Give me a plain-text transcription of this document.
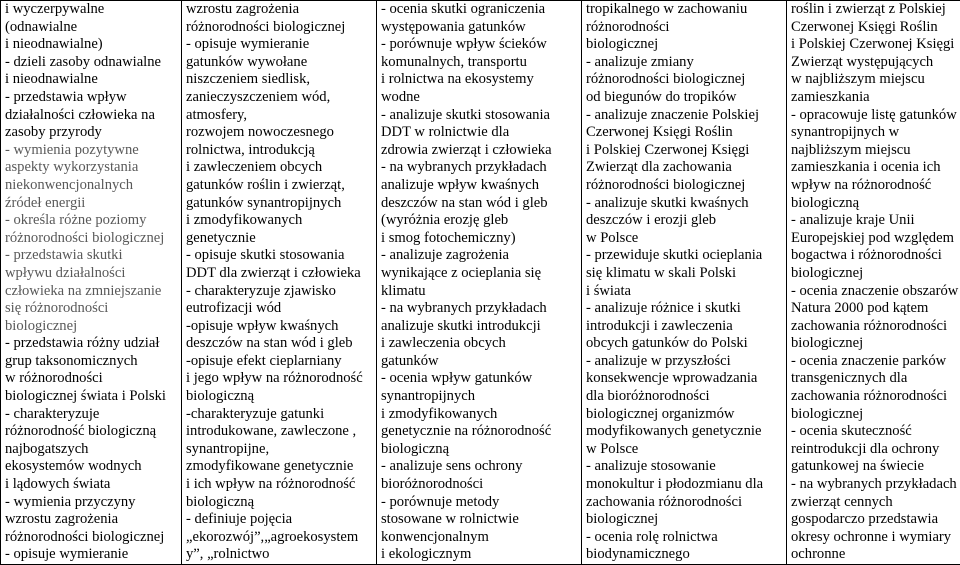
i wyczerpywalne
(odnawialne
i nieodnawialne)
- dzieli zasoby odnawialne
i nieodnawialne
- przedstawia wpływ
działalności człowieka na
zasoby przyrody
- wymienia pozytywne
aspekty wykorzystania
niekonwencjonalnych
źródeł energii
- określa różne poziomy
różnorodności biologicznej
- przedstawia skutki
wpływu działalności
człowieka na zmniejszanie
się różnorodności
biologicznej
- przedstawia różny udział
grup taksonomicznych
w różnorodności
biologicznej świata i Polski
- charakteryzuje
różnorodność biologiczną
najbogatszych
ekosystemów wodnych
i lądowych świata
- wymienia przyczyny
wzrostu zagrożenia
różnorodności biologicznej
- opisuje wymieranie

wzrostu zagrożenia
różnorodności biologicznej
- opisuje wymieranie
gatunków wywołane
niszczeniem siedlisk,
zanieczyszczeniem wód,
atmosfery,
rozwojem nowoczesnego
rolnictwa, introdukcją
i zawleczeniem obcych
gatunków roślin i zwierząt,
gatunków synantropijnych
i zmodyfikowanych
genetycznie
- opisuje skutki stosowania
DDT dla zwierząt i człowieka
- charakteryzuje zjawisko
eutrofizacji wód
-opisuje wpływ kwaśnych
deszczów na stan wód i gleb
-opisuje efekt cieplarniany
i jego wpływ na różnorodność
biologiczną
-charakteryzuje gatunki
introdukowane, zawleczone ,
synantropijne,
zmodyfikowane genetycznie
i ich wpływ na różnorodność
biologiczną
- definiuje pojęcia
„ekorozwój”,„agroekosystem
y”, „rolnictwo

- ocenia skutki ograniczenia
występowania gatunków
- porównuje wpływ ścieków
komunalnych, transportu
i rolnictwa na ekosystemy
wodne
- analizuje skutki stosowania
DDT w rolnictwie dla
zdrowia zwierząt i człowieka
- na wybranych przykładach
analizuje wpływ kwaśnych
deszczów na stan wód i gleb
(wyróżnia erozję gleb
i smog fotochemiczny)
- analizuje zagrożenia
wynikające z ocieplania się
klimatu
- na wybranych przykładach
analizuje skutki introdukcji
i zawleczenia obcych
gatunków
- ocenia wpływ gatunków
synantropijnych
i zmodyfikowanych
genetycznie na różnorodność
biologiczną
- analizuje sens ochrony
bioróżnorodności
- porównuje metody
stosowane w rolnictwie
konwencjonalnym
i ekologicznym

tropikalnego w zachowaniu
różnorodności
biologicznej
- analizuje zmiany
różnorodności biologicznej
od biegunów do tropików
- analizuje znaczenie Polskiej
Czerwonej Księgi Roślin
i Polskiej Czerwonej Księgi
Zwierząt dla zachowania
różnorodności biologicznej
- analizuje skutki kwaśnych
deszczów i erozji gleb
w Polsce
- przewiduje skutki ocieplania
się klimatu w skali Polski
i świata
- analizuje różnice i skutki
introdukcji i zawleczenia
obcych gatunków do Polski
- analizuje w przyszłości
konsekwencje wprowadzania
dla bioróżnorodności
biologicznej organizmów
modyfikowanych genetycznie
w Polsce
- analizuje stosowanie
monokultur i płodozmianu dla
zachowania różnorodności
biologicznej
- ocenia rolę rolnictwa
biodynamicznego

roślin i zwierząt z Polskiej
Czerwonej Księgi Roślin
i Polskiej Czerwonej Księgi
Zwierząt występujących
w najbliższym miejscu
zamieszkania
- opracowuje listę gatunków
synantropijnych w
najbliższym miejscu
zamieszkania i ocenia ich
wpływ na różnorodność
biologiczną
- analizuje kraje Unii
Europejskiej pod względem
bogactwa i różnorodności
biologicznej
- ocenia znaczenie obszarów
Natura 2000 pod kątem
zachowania różnorodności
biologicznej
- ocenia znaczenie parków
transgenicznych dla
zachowania różnorodności
biologicznej
- ocenia skuteczność
reintrodukcji dla ochrony
gatunkowej na świecie
- na wybranych przykładach
zwierząt cennych
gospodarczo przedstawia
okresy ochronne i wymiary
ochronne
